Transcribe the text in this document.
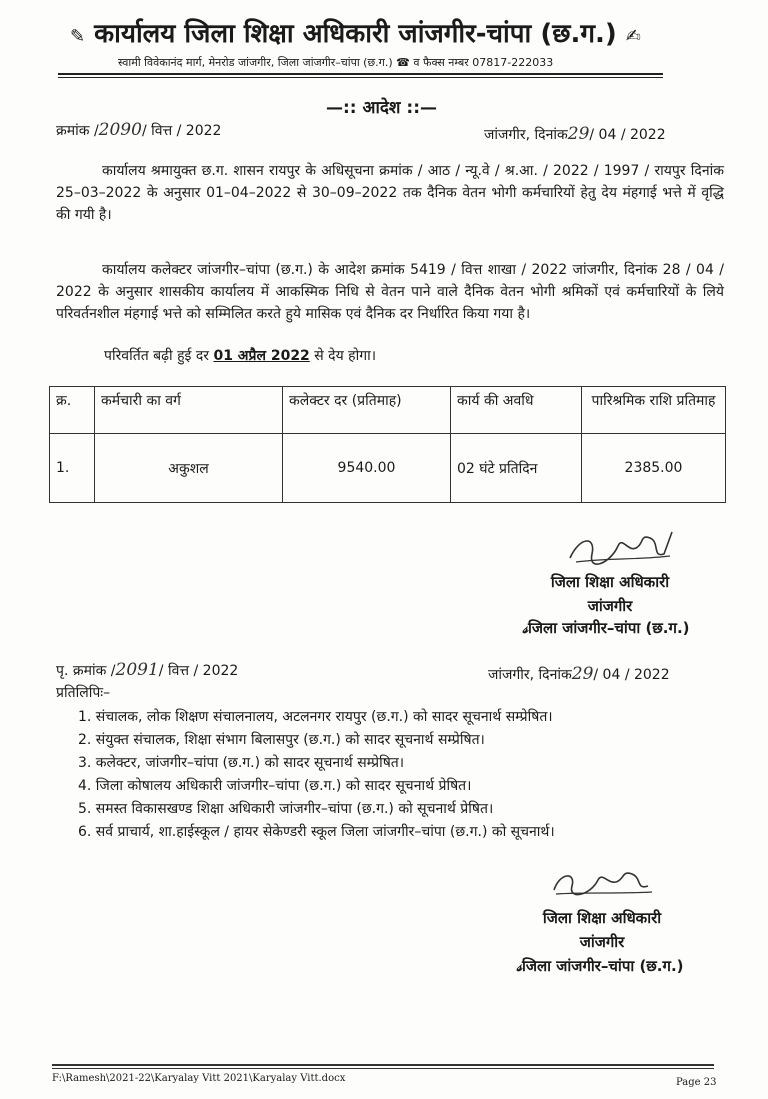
✎ कार्यालय जिला शिक्षा अधिकारी जांजगीर-चांपा (छ.ग.) ✍
स्वामी विवेकानंद मार्ग, मेनरोड जांजगीर, जिला जांजगीर–चांपा (छ.ग.) ☎ व फैक्स नम्बर 07817-222033
—:: आदेश ::—
क्रमांक /2090/ वित्त / 2022	जांजगीर, दिनांक29/ 04 / 2022
कार्यालय श्रमायुक्त छ.ग. शासन रायपुर के अधिसूचना क्रमांक / आठ / न्यू.वे / श्र.आ. / 2022 / 1997 / रायपुर दिनांक 25–03–2022 के अनुसार 01–04–2022 से 30–09–2022 तक दैनिक वेतन भोगी कर्मचारियों हेतु देय मंहगाई भत्ते में वृद्धि की गयी है।
कार्यालय कलेक्टर जांजगीर–चांपा (छ.ग.) के आदेश क्रमांक 5419 / वित्त शाखा / 2022 जांजगीर, दिनांक 28 / 04 / 2022 के अनुसार शासकीय कार्यालय में आकस्मिक निधि से वेतन पाने वाले दैनिक वेतन भोगी श्रमिकों एवं कर्मचारियों के लिये परिवर्तनशील मंहगाई भत्ते को सम्मिलित करते हुये मासिक एवं दैनिक दर निर्धारित किया गया है।
परिवर्तित बढ़ी हुई दर 01 अप्रैल 2022 से देय होगा।
क्र.	कर्मचारी का वर्ग	कलेक्टर दर (प्रतिमाह)	कार्य की अवधि	पारिश्रमिक राशि प्रतिमाह
1.	अकुशल	9540.00	02 घंटे प्रतिदिन	2385.00
जिला शिक्षा अधिकारी
जांजगीर
𝓈जिला जांजगीर–चांपा (छ.ग.)
पृ. क्रमांक /2091/ वित्त / 2022	जांजगीर, दिनांक29/ 04 / 2022
प्रतिलिपिः–
1. संचालक, लोक शिक्षण संचालनालय, अटलनगर रायपुर (छ.ग.) को सादर सूचनार्थ सम्प्रेषित।
2. संयुक्त संचालक, शिक्षा संभाग बिलासपुर (छ.ग.) को सादर सूचनार्थ सम्प्रेषित।
3. कलेक्टर, जांजगीर–चांपा (छ.ग.) को सादर सूचनार्थ सम्प्रेषित।
4. जिला कोषालय अधिकारी जांजगीर–चांपा (छ.ग.) को सादर सूचनार्थ प्रेषित।
5. समस्त विकासखण्ड शिक्षा अधिकारी जांजगीर–चांपा (छ.ग.) को सूचनार्थ प्रेषित।
6. सर्व प्राचार्य, शा.हाईस्कूल / हायर सेकेण्डरी स्कूल जिला जांजगीर–चांपा (छ.ग.) को सूचनार्थ।
जिला शिक्षा अधिकारी
जांजगीर
𝓈जिला जांजगीर–चांपा (छ.ग.)
F:\Ramesh\2021-22\Karyalay Vitt 2021\Karyalay Vitt.docx	Page 23
